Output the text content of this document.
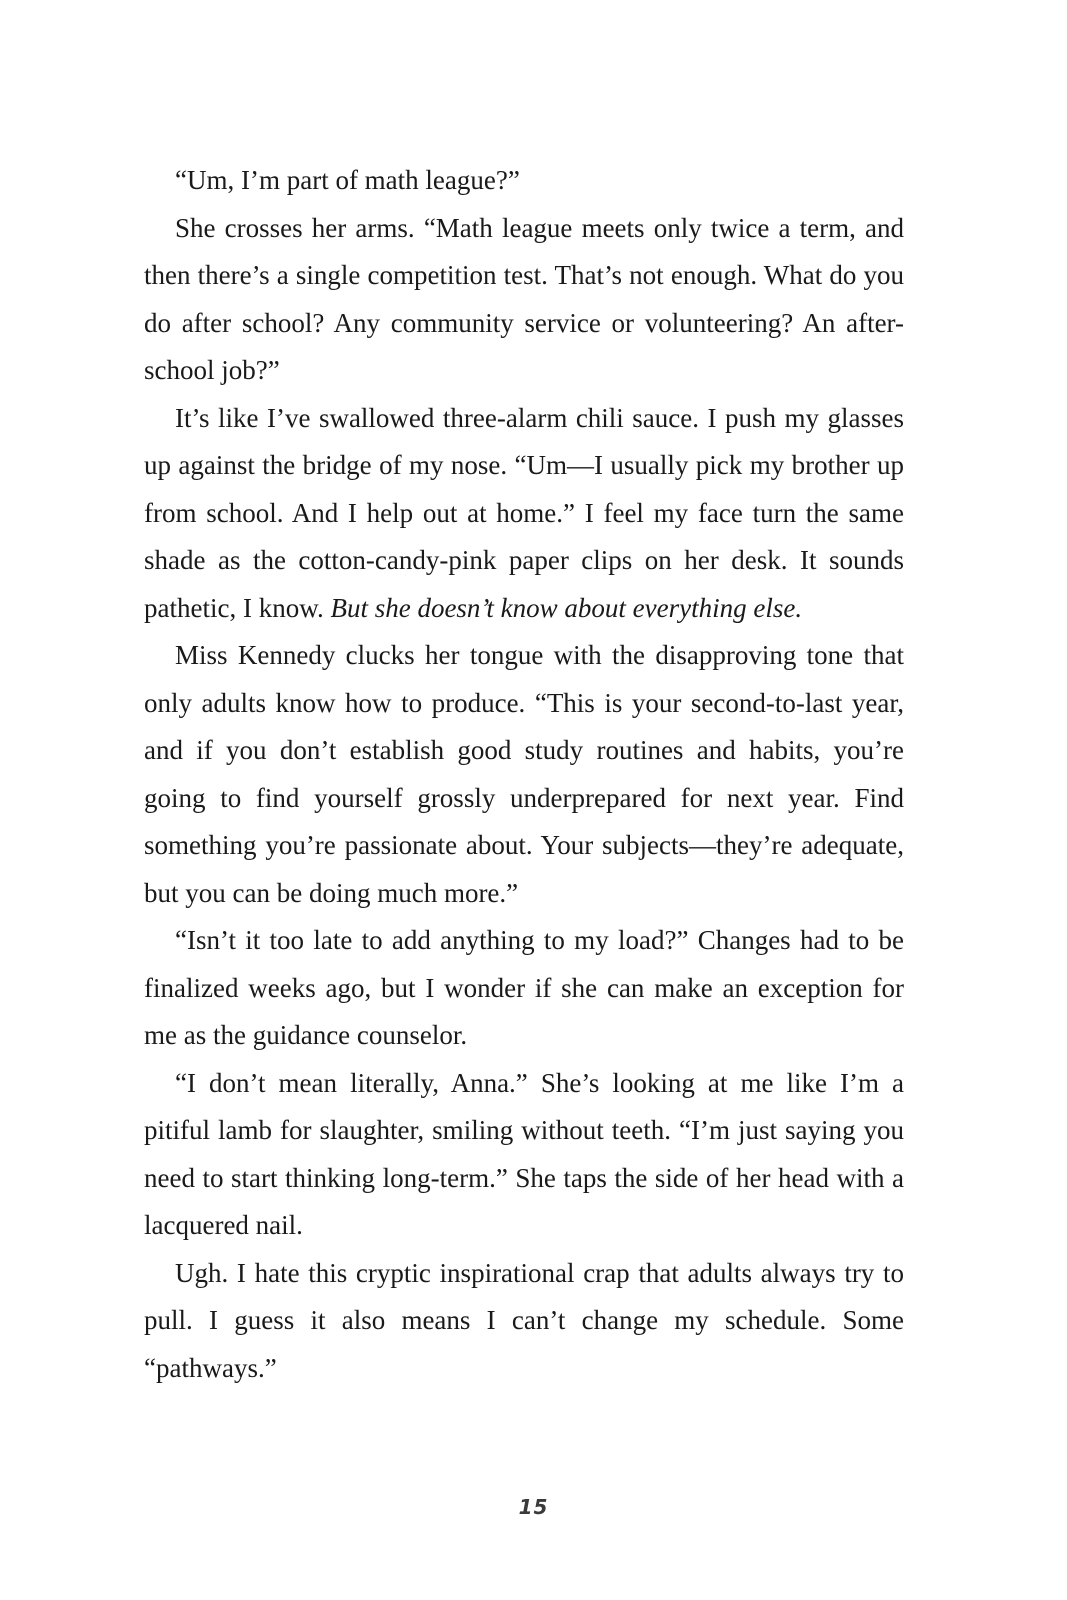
“Um, I’m part of math league?”

She crosses her arms. “Math league meets only twice a term, and then there’s a single competition test. That’s not enough. What do you do after school? Any community service or volunteering? An after-school job?”

It’s like I’ve swallowed three-alarm chili sauce. I push my glasses up against the bridge of my nose. “Um—I usually pick my brother up from school. And I help out at home.” I feel my face turn the same shade as the cotton-candy-pink paper clips on her desk. It sounds pathetic, I know. But she doesn’t know about everything else.

Miss Kennedy clucks her tongue with the disapproving tone that only adults know how to produce. “This is your second-to-last year, and if you don’t establish good study routines and habits, you’re going to find yourself grossly underprepared for next year. Find something you’re passionate about. Your subjects—they’re adequate, but you can be doing much more.”

“Isn’t it too late to add anything to my load?” Changes had to be finalized weeks ago, but I wonder if she can make an exception for me as the guidance counselor.

“I don’t mean literally, Anna.” She’s looking at me like I’m a pitiful lamb for slaughter, smiling without teeth. “I’m just saying you need to start thinking long-term.” She taps the side of her head with a lacquered nail.

Ugh. I hate this cryptic inspirational crap that adults always try to pull. I guess it also means I can’t change my schedule. Some “pathways.”

15
